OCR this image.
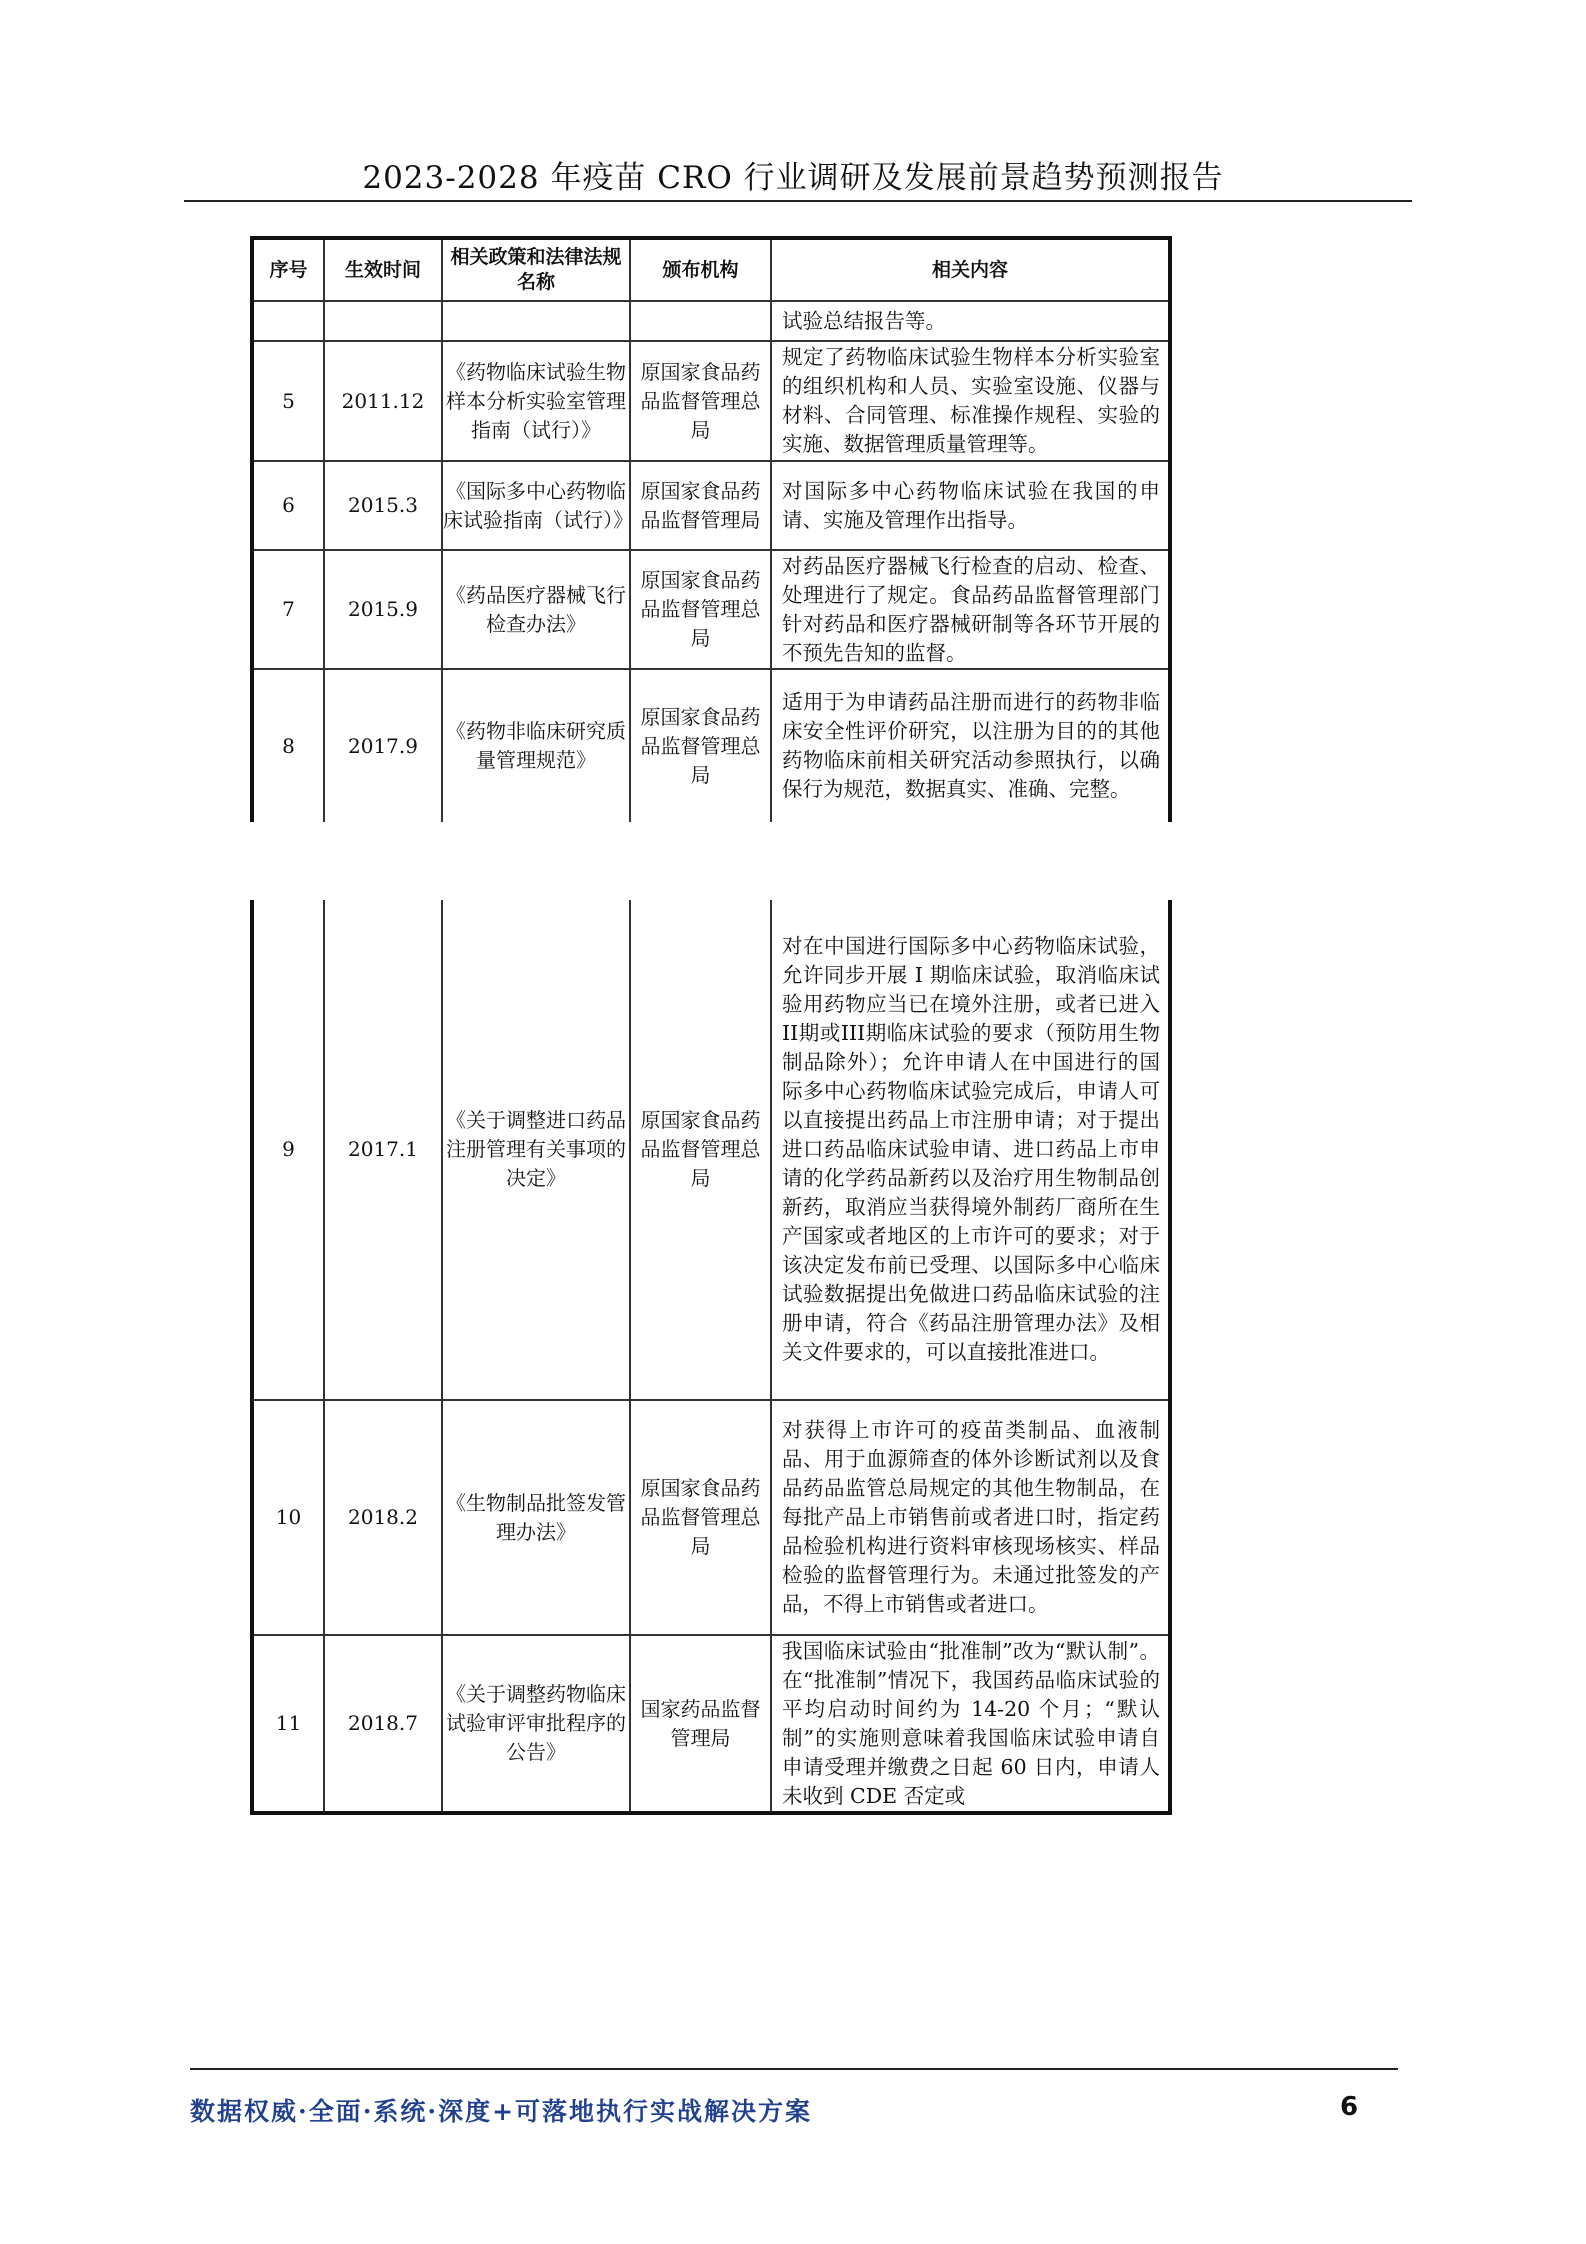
2023-2028 年疫苗 CRO 行业调研及发展前景趋势预测报告
序号	生效时间	相关政策和法律法规名称	颁布机构	相关内容
				试验总结报告等。
5	2011.12	《药物临床试验生物样本分析实验室管理指南（试行）》	原国家食品药品监督管理总局	规定了药物临床试验生物样本分析实验室的组织机构和人员、实验室设施、仪器与材料、合同管理、标准操作规程、实验的实施、数据管理质量管理等。
6	2015.3	《国际多中心药物临床试验指南（试行）》	原国家食品药品监督管理局	对国际多中心药物临床试验在我国的申请、实施及管理作出指导。
7	2015.9	《药品医疗器械飞行检查办法》	原国家食品药品监督管理总局	对药品医疗器械飞行检查的启动、检查、处理进行了规定。食品药品监督管理部门针对药品和医疗器械研制等各环节开展的不预先告知的监督。
8	2017.9	《药物非临床研究质量管理规范》	原国家食品药品监督管理总局	适用于为申请药品注册而进行的药物非临床安全性评价研究，以注册为目的的其他药物临床前相关研究活动参照执行，以确保行为规范，数据真实、准确、完整。
9	2017.1	《关于调整进口药品注册管理有关事项的决定》	原国家食品药品监督管理总局	对在中国进行国际多中心药物临床试验，允许同步开展 I 期临床试验，取消临床试验用药物应当已在境外注册，或者已进入II期或III期临床试验的要求（预防用生物制品除外）；允许申请人在中国进行的国际多中心药物临床试验完成后，申请人可以直接提出药品上市注册申请；对于提出进口药品临床试验申请、进口药品上市申请的化学药品新药以及治疗用生物制品创新药，取消应当获得境外制药厂商所在生产国家或者地区的上市许可的要求；对于该决定发布前已受理、以国际多中心临床试验数据提出免做进口药品临床试验的注册申请，符合《药品注册管理办法》及相关文件要求的，可以直接批准进口。
10	2018.2	《生物制品批签发管理办法》	原国家食品药品监督管理总局	对获得上市许可的疫苗类制品、血液制品、用于血源筛查的体外诊断试剂以及食品药品监管总局规定的其他生物制品，在每批产品上市销售前或者进口时，指定药品检验机构进行资料审核现场核实、样品检验的监督管理行为。未通过批签发的产品，不得上市销售或者进口。
11	2018.7	《关于调整药物临床试验审评审批程序的公告》	国家药品监督管理局	我国临床试验由“批准制”改为“默认制”。在“批准制”情况下，我国药品临床试验的平均启动时间约为 14-20 个月；“默认制”的实施则意味着我国临床试验申请自申请受理并缴费之日起 60 日内，申请人未收到 CDE 否定或
数据权威·全面·系统·深度+可落地执行实战解决方案	6
